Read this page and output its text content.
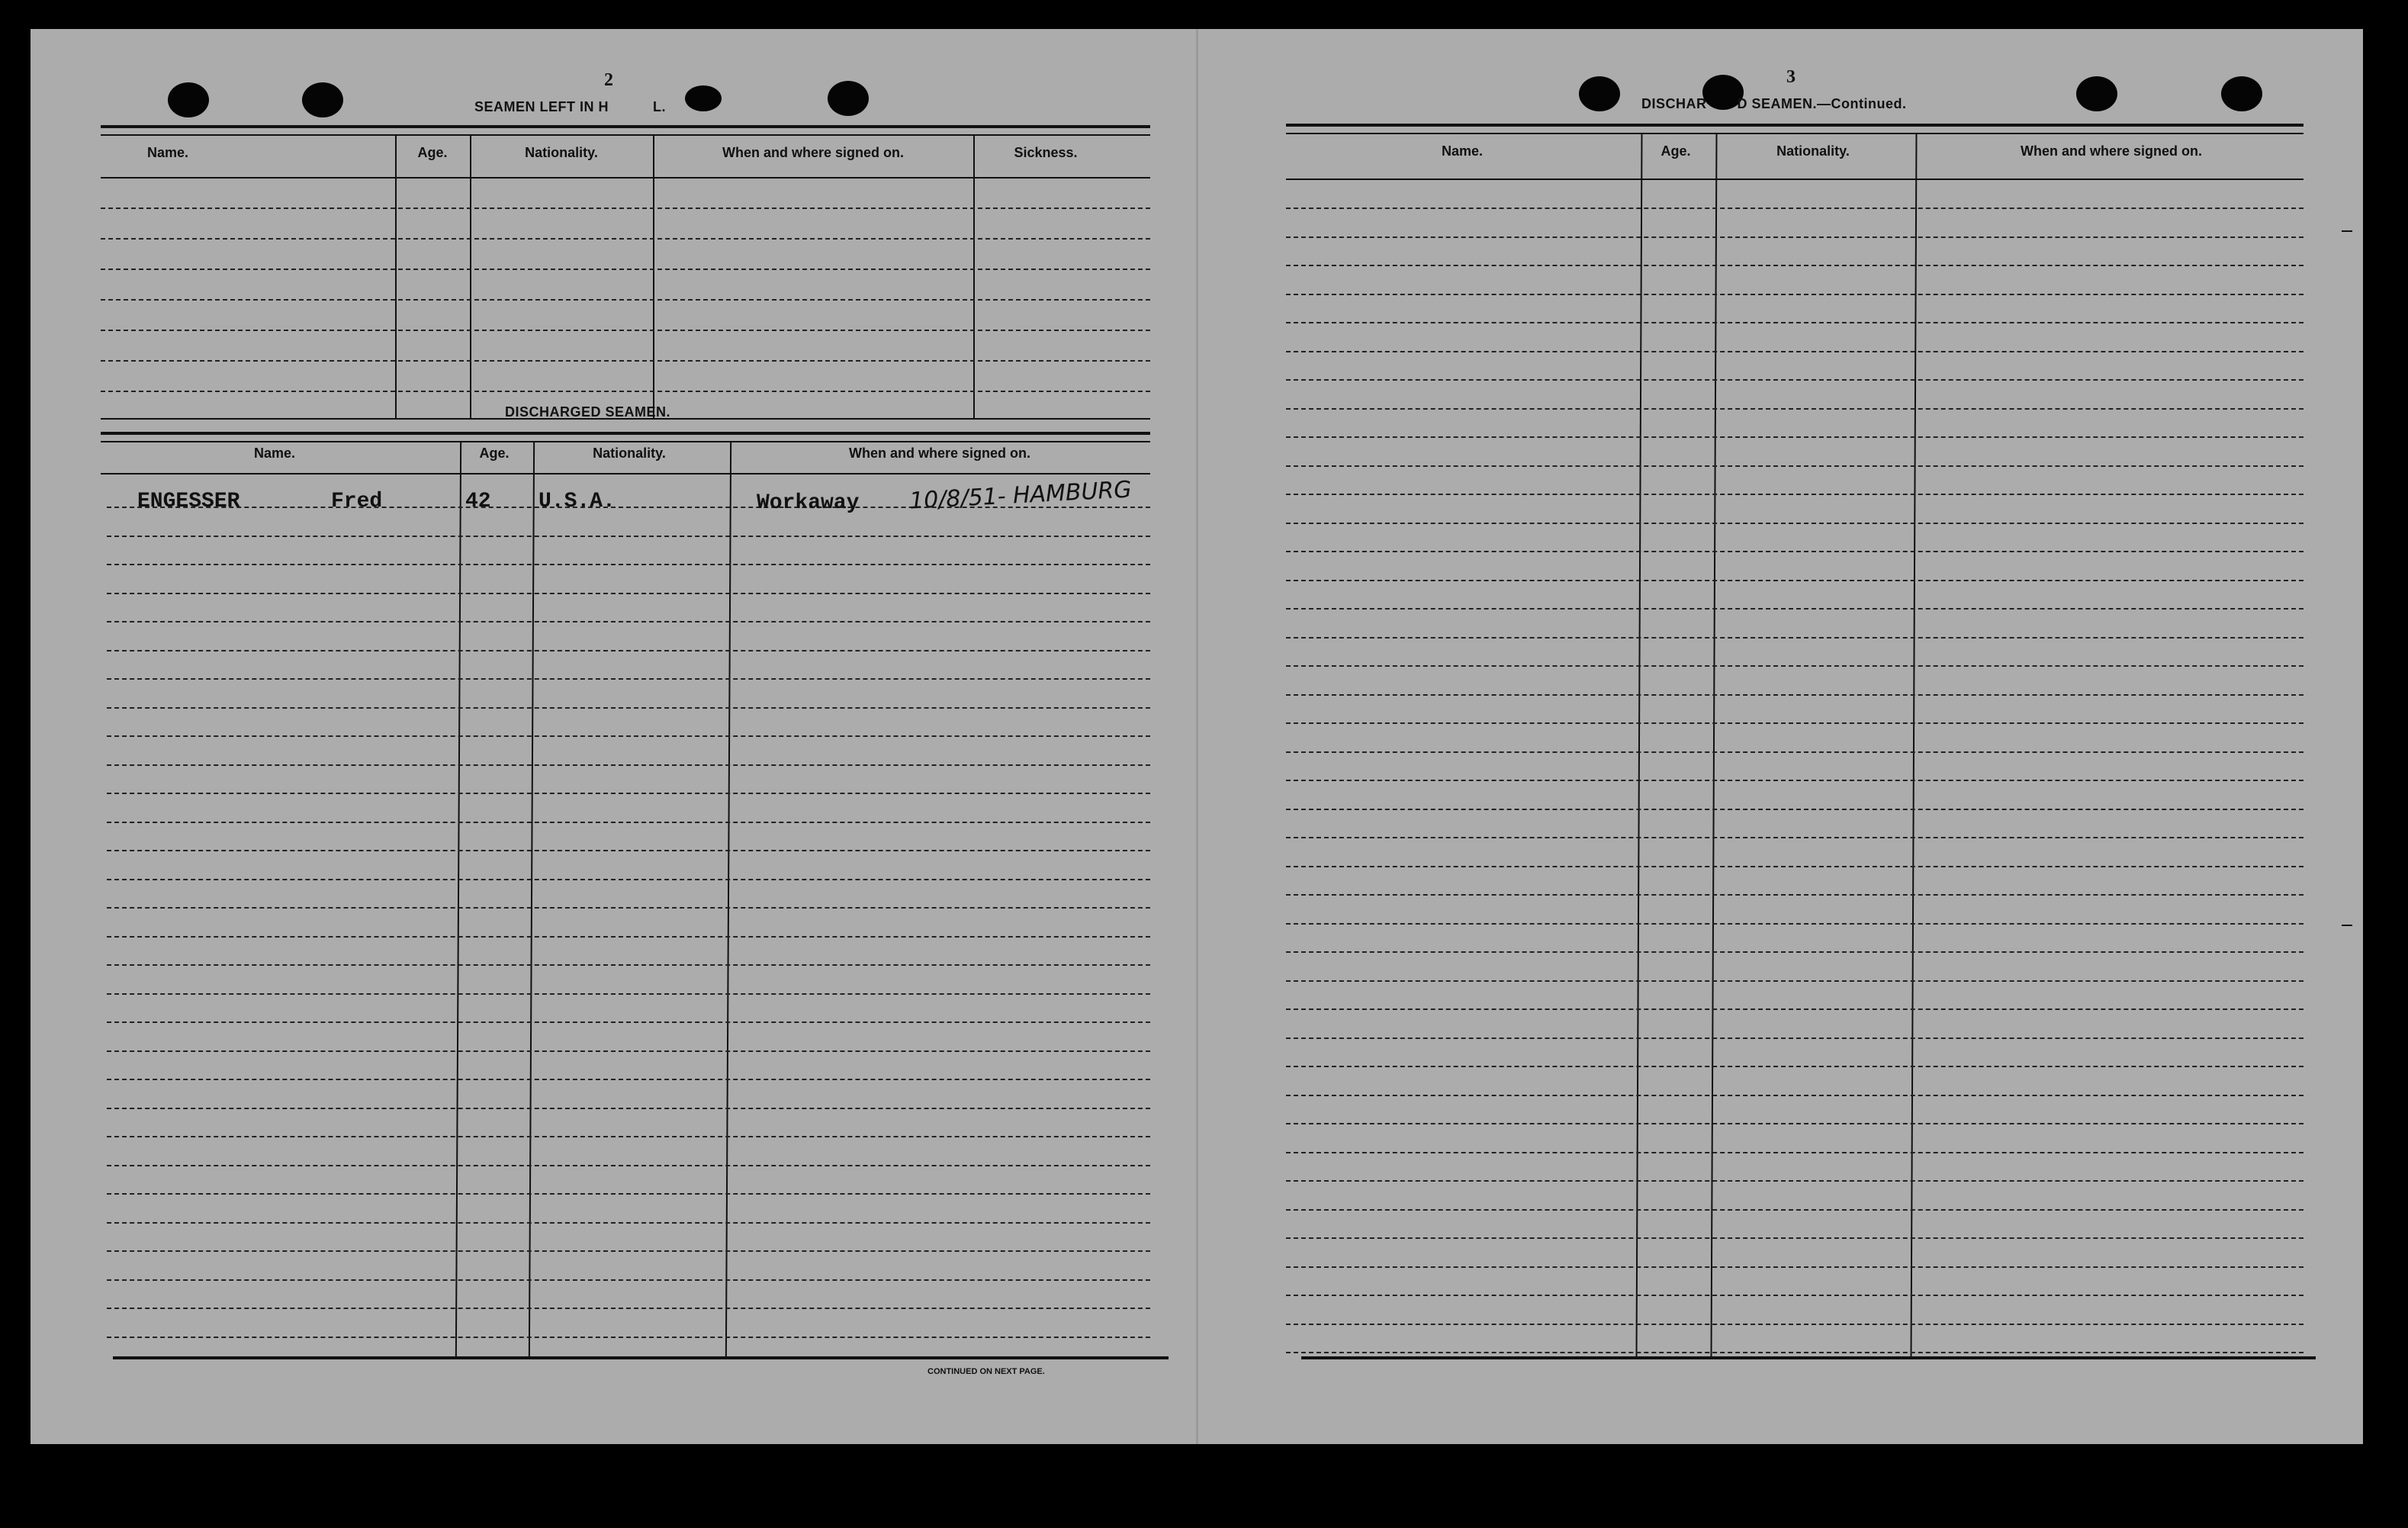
2
SEAMEN LEFT IN H	L.
Name.	Age.	Nationality.	When and where signed on.	Sickness.
DISCHARGED SEAMEN.
Name.	Age.	Nationality.	When and where signed on.
ENGESSER	Fred	42 U.S.A.	Workaway 10/8/51- HAMBURG
CONTINUED ON NEXT PAGE.
3
DISCHAR D SEAMEN.—Continued.
Name.	Age.	Nationality.	When and where signed on.
